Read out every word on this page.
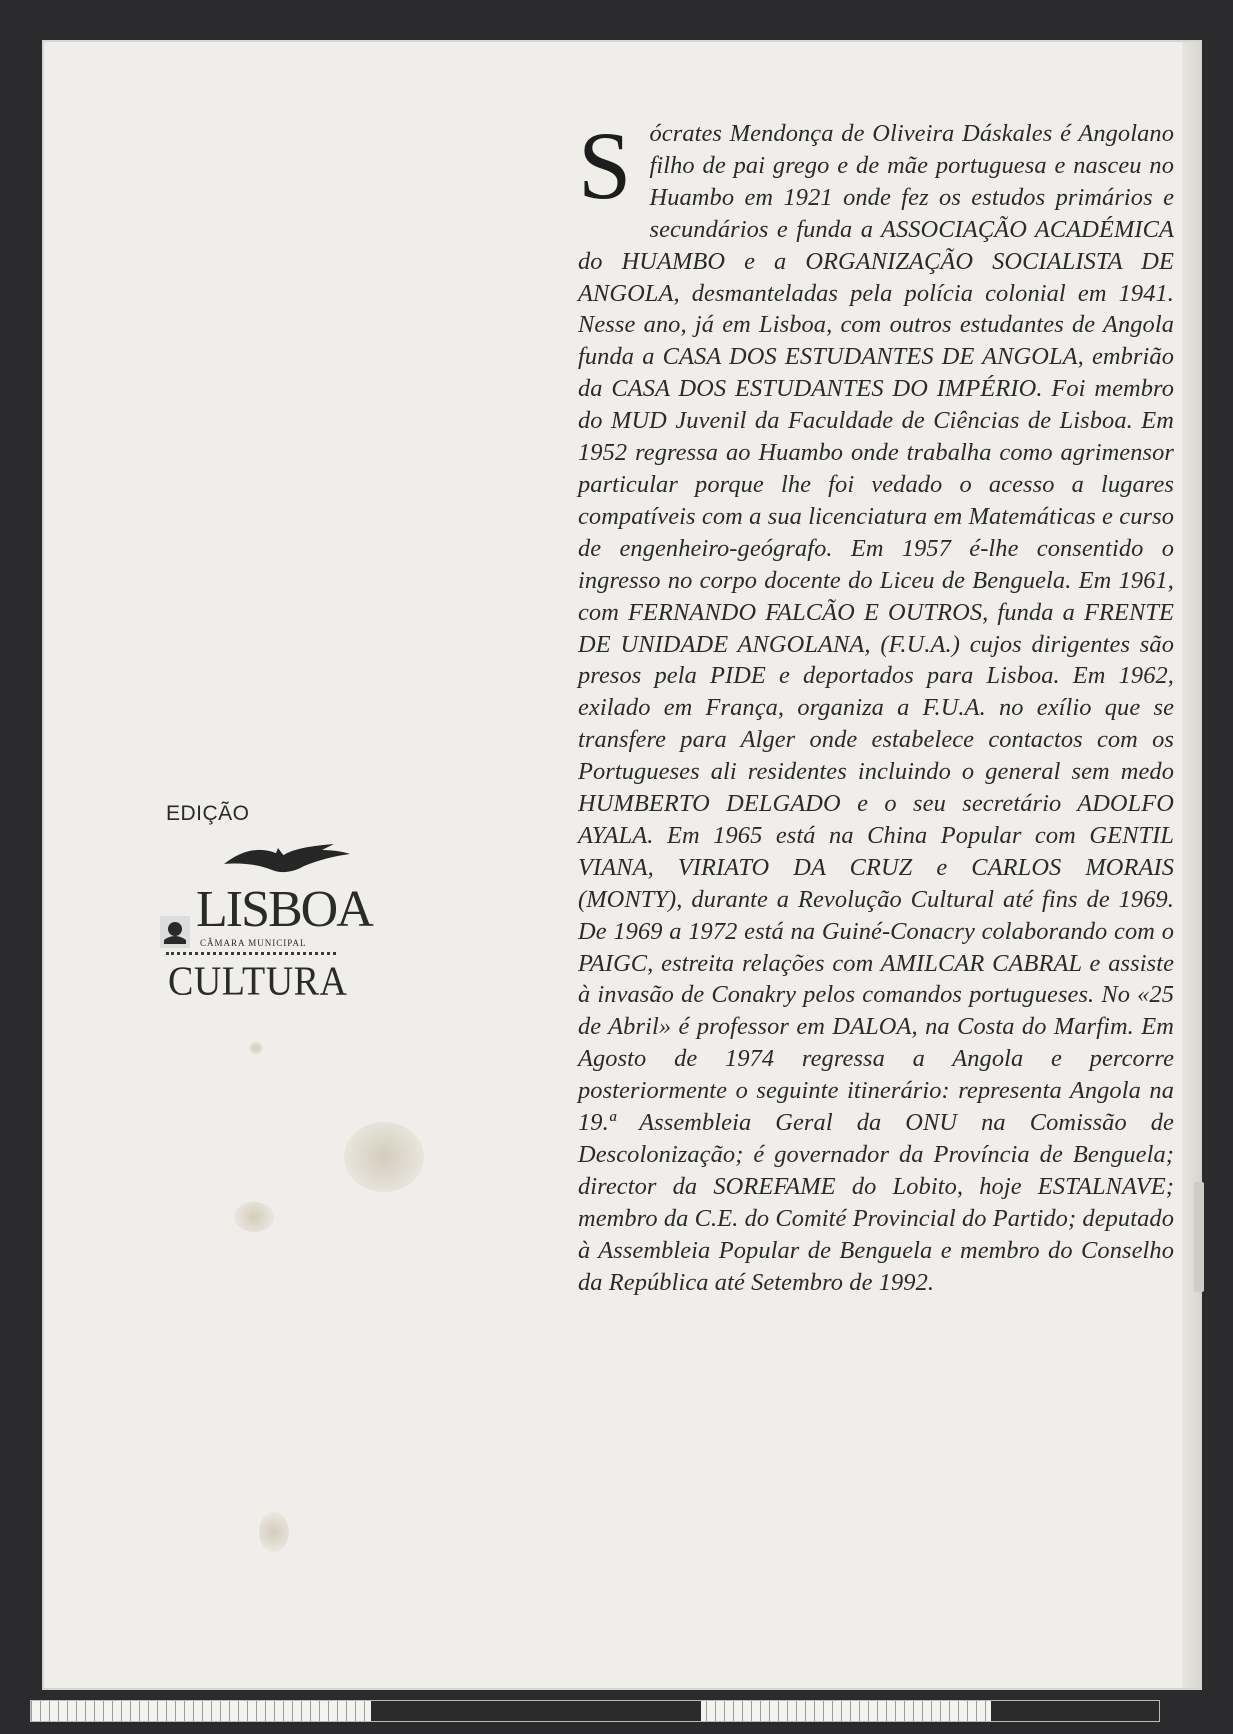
S ócrates Mendonça de Oliveira Dáskales é Angolano filho de pai grego e de mãe portuguesa e nasceu no Huambo em 1921 onde fez os estudos primários e secundários e funda a ASSOCIAÇÃO ACADÉMICA do HUAMBO e a ORGANIZAÇÃO SOCIALISTA DE ANGOLA, desmanteladas pela polícia colonial em 1941. Nesse ano, já em Lisboa, com outros estudantes de Angola funda a CASA DOS ESTUDANTES DE ANGOLA, embrião da CASA DOS ESTUDANTES DO IMPÉRIO. Foi membro do MUD Juvenil da Faculdade de Ciências de Lisboa. Em 1952 regressa ao Huambo onde trabalha como agrimensor particular porque lhe foi vedado o acesso a lugares compatíveis com a sua licenciatura em Matemáticas e curso de engenheiro-geógrafo. Em 1957 é-lhe consentido o ingresso no corpo docente do Liceu de Benguela. Em 1961, com FERNANDO FALCÃO E OUTROS, funda a FRENTE DE UNIDADE ANGOLANA, (F.U.A.) cujos dirigentes são presos pela PIDE e deportados para Lisboa. Em 1962, exilado em França, organiza a F.U.A. no exílio que se transfere para Alger onde estabelece contactos com os Portugueses ali residentes incluindo o general sem medo HUMBERTO DELGADO e o seu secretário ADOLFO AYALA. Em 1965 está na China Popular com GENTIL VIANA, VIRIATO DA CRUZ e CARLOS MORAIS (MONTY), durante a Revolução Cultural até fins de 1969. De 1969 a 1972 está na Guiné-Conacry colaborando com o PAIGC, estreita relações com AMILCAR CABRAL e assiste à invasão de Conakry pelos comandos portugueses. No «25 de Abril» é professor em DALOA, na Costa do Marfim. Em Agosto de 1974 regressa a Angola e percorre posteriormente o seguinte itinerário: representa Angola na 19.ª Assembleia Geral da ONU na Comissão de Descolonização; é governador da Província de Benguela; director da SOREFAME do Lobito, hoje ESTALNAVE; membro da C.E. do Comité Provincial do Partido; deputado à Assembleia Popular de Benguela e membro do Conselho da República até Setembro de 1992.
EDIÇÃO
LISBOA
CÂMARA MUNICIPAL
CULTURA
